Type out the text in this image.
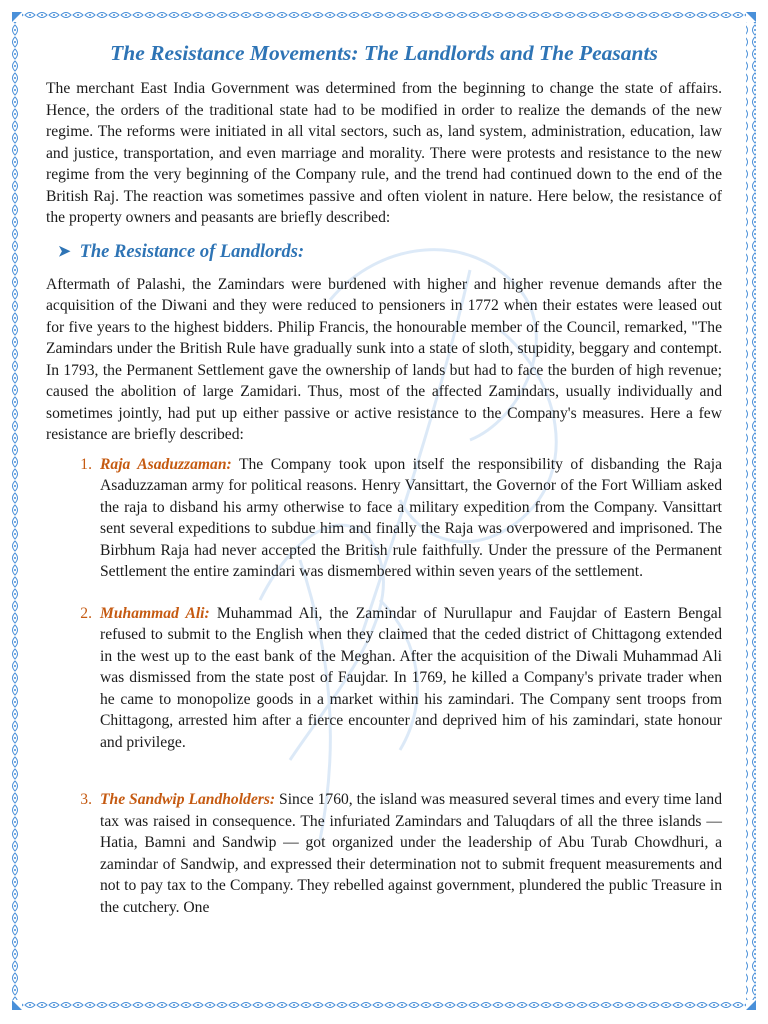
The Resistance Movements: The Landlords and The Peasants

The merchant East India Government was determined from the beginning to change the state of affairs. Hence, the orders of the traditional state had to be modified in order to realize the demands of the new regime. The reforms were initiated in all vital sectors, such as, land system, administration, education, law and justice, transportation, and even marriage and morality. There were protests and resistance to the new regime from the very beginning of the Company rule, and the trend had continued down to the end of the British Raj. The reaction was sometimes passive and often violent in nature. Here below, the resistance of the property owners and peasants are briefly described:

➤ The Resistance of Landlords:

Aftermath of Palashi, the Zamindars were burdened with higher and higher revenue demands after the acquisition of the Diwani and they were reduced to pensioners in 1772 when their estates were leased out for five years to the highest bidders. Philip Francis, the honourable member of the Council, remarked, "The Zamindars under the British Rule have gradually sunk into a state of sloth, stupidity, beggary and contempt. In 1793, the Permanent Settlement gave the ownership of lands but had to face the burden of high revenue; caused the abolition of large Zamidari. Thus, most of the affected Zamindars, usually individually and sometimes jointly, had put up either passive or active resistance to the Company's measures. Here a few resistance are briefly described:

1. Raja Asaduzzaman: The Company took upon itself the responsibility of disbanding the Raja Asaduzzaman army for political reasons. Henry Vansittart, the Governor of the Fort William asked the raja to disband his army otherwise to face a military expedition from the Company. Vansittart sent several expeditions to subdue him and finally the Raja was overpowered and imprisoned. The Birbhum Raja had never accepted the British rule faithfully. Under the pressure of the Permanent Settlement the entire zamindari was dismembered within seven years of the settlement.
2. Muhammad Ali: Muhammad Ali, the Zamindar of Nurullapur and Faujdar of Eastern Bengal refused to submit to the English when they claimed that the ceded district of Chittagong extended in the west up to the east bank of the Meghan. After the acquisition of the Diwali Muhammad Ali was dismissed from the state post of Faujdar. In 1769, he killed a Company's private trader when he came to monopolize goods in a market within his zamindari. The Company sent troops from Chittagong, arrested him after a fierce encounter and deprived him of his zamindari, state honour and privilege.
3. The Sandwip Landholders: Since 1760, the island was measured several times and every time land tax was raised in consequence. The infuriated Zamindars and Taluqdars of all the three islands — Hatia, Bamni and Sandwip — got organized under the leadership of Abu Turab Chowdhuri, a zamindar of Sandwip, and expressed their determination not to submit frequent measurements and not to pay tax to the Company. They rebelled against government, plundered the public Treasure in the cutchery. One
